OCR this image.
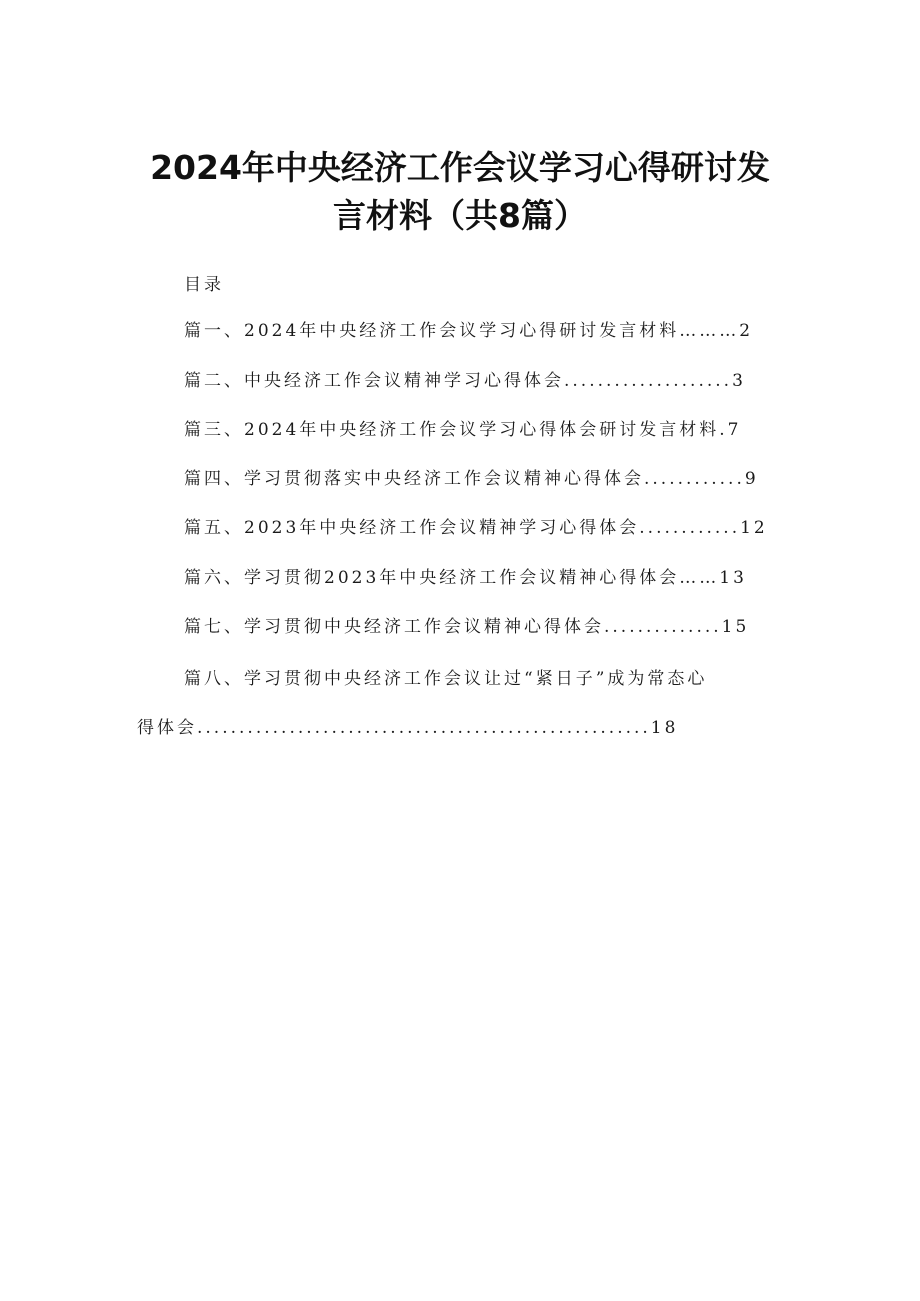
2024年中央经济工作会议学习心得研讨发
言材料（共8篇）
目录
篇一、2024年中央经济工作会议学习心得研讨发言材料………2
篇二、中央经济工作会议精神学习心得体会....................3
篇三、2024年中央经济工作会议学习心得体会研讨发言材料.7
篇四、学习贯彻落实中央经济工作会议精神心得体会............9
篇五、2023年中央经济工作会议精神学习心得体会............12
篇六、学习贯彻2023年中央经济工作会议精神心得体会……13
篇七、学习贯彻中央经济工作会议精神心得体会..............15
篇八、学习贯彻中央经济工作会议让过“紧日子”成为常态心
得体会......................................................18
